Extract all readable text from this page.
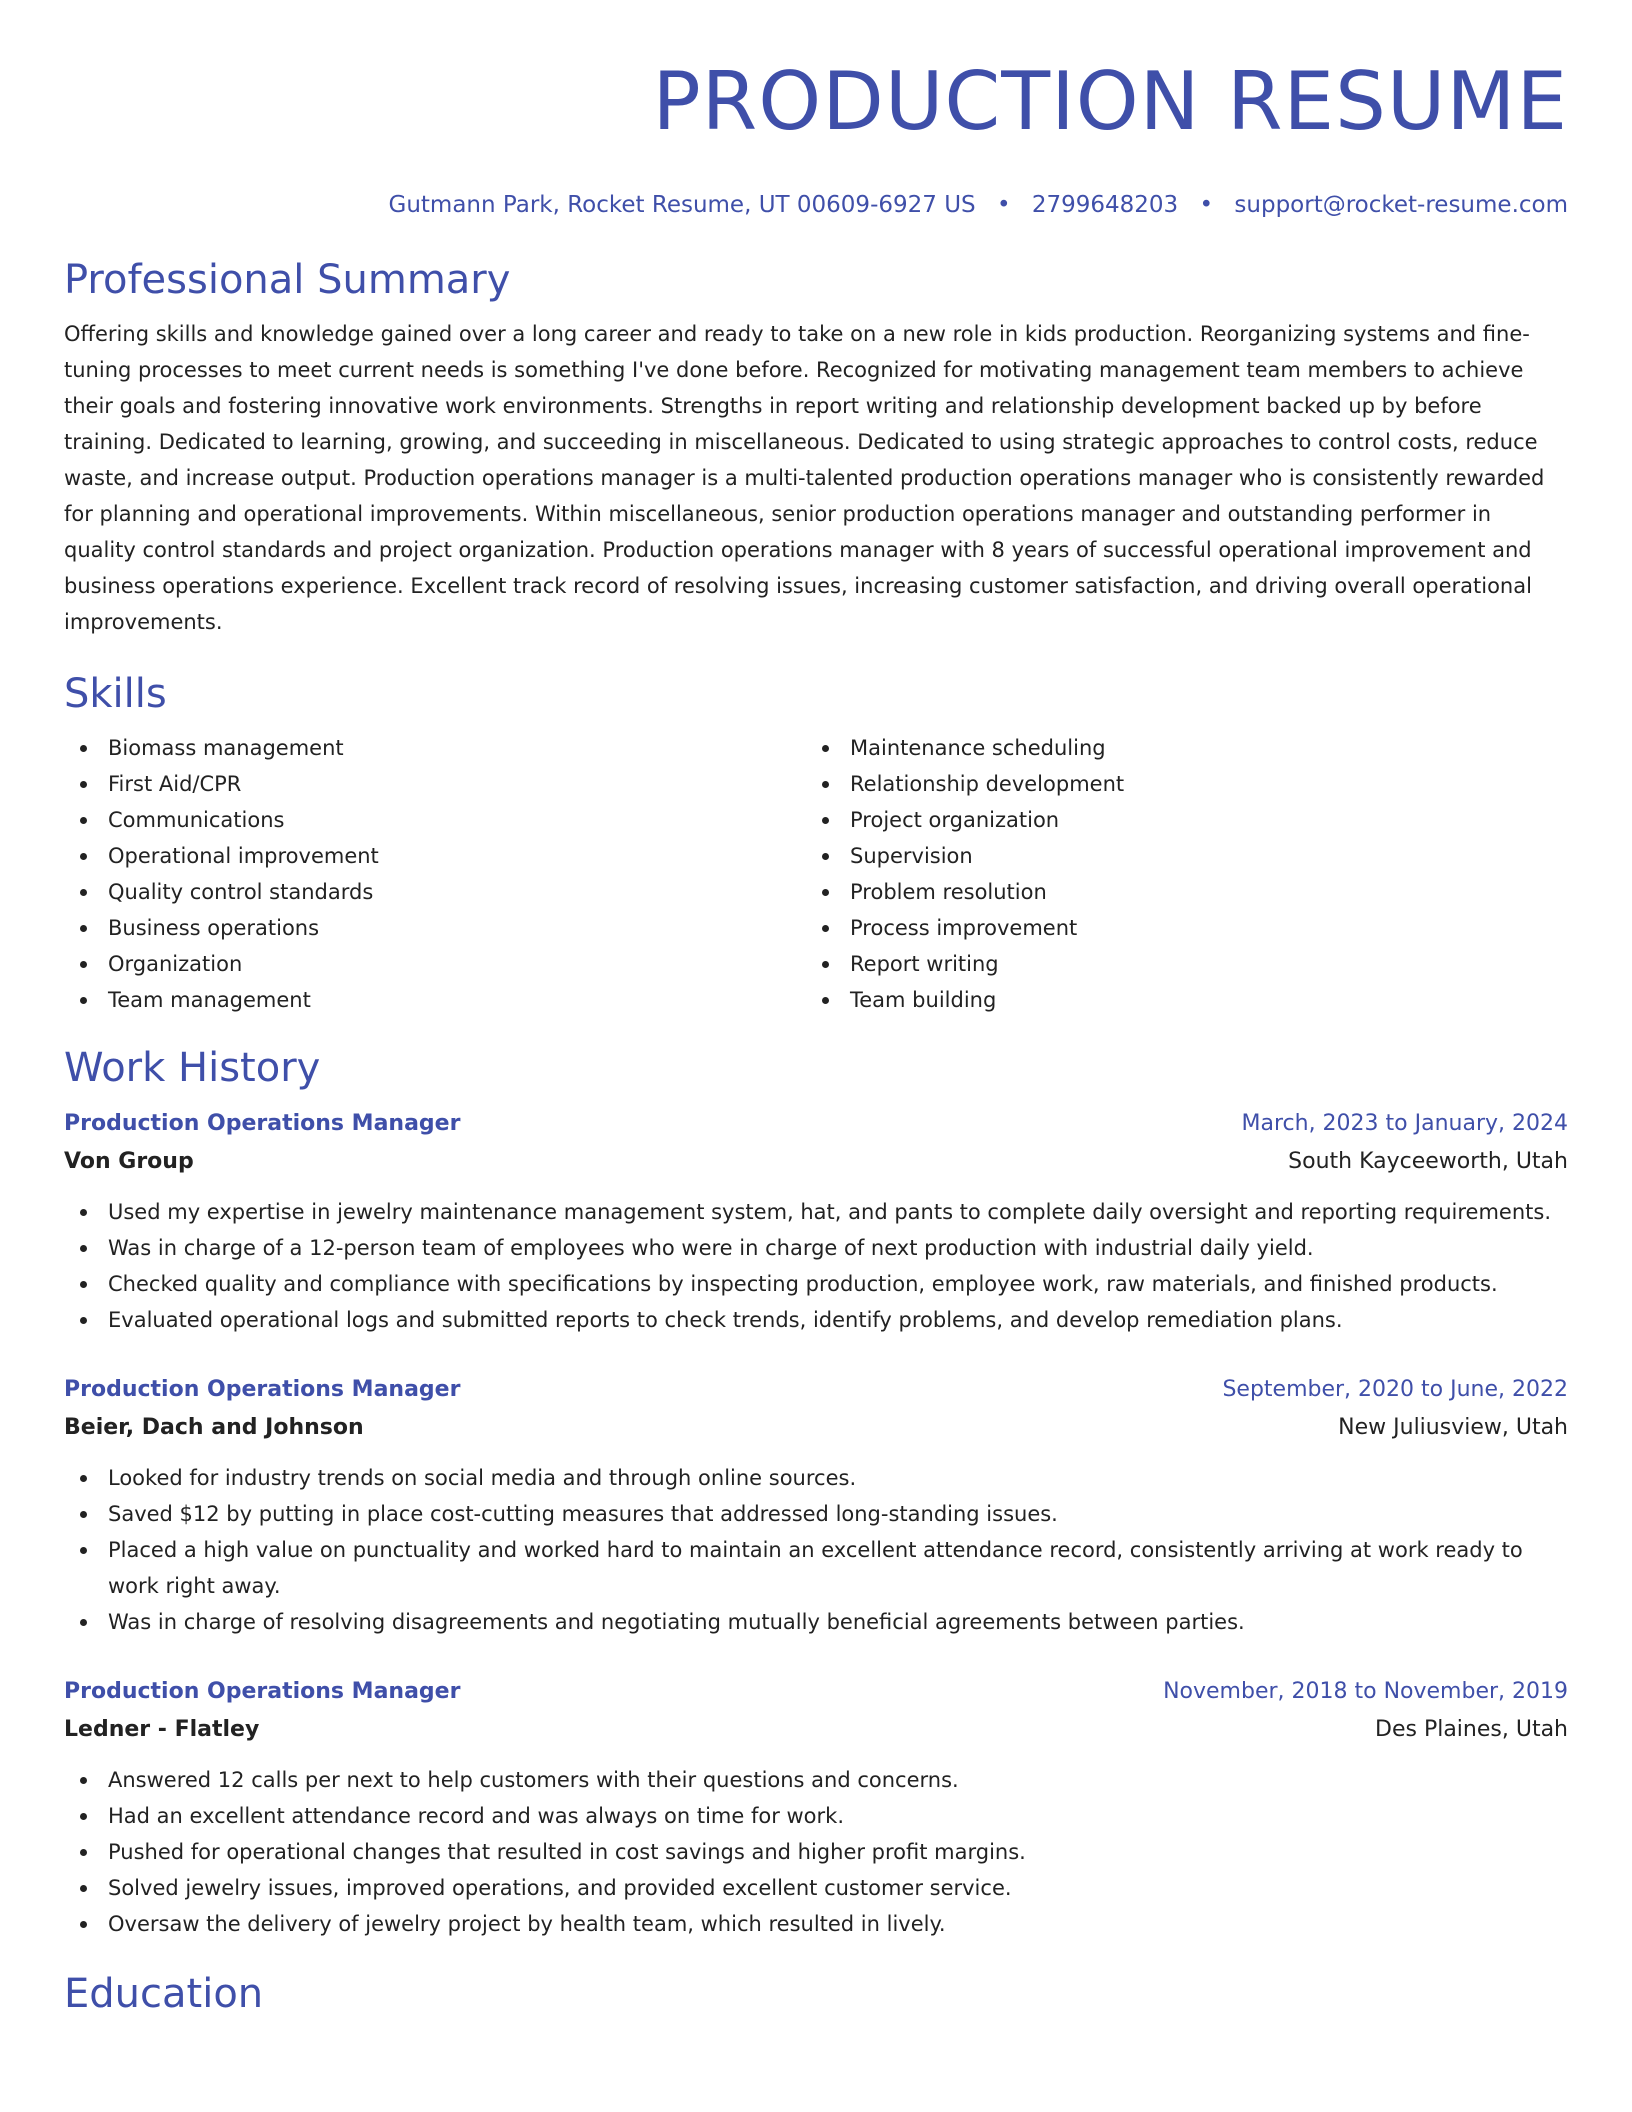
PRODUCTION RESUME
Gutmann Park, Rocket Resume, UT 00609-6927 US • 2799648203 • support@rocket-resume.com
Professional Summary

Offering skills and knowledge gained over a long career and ready to take on a new role in kids production. Reorganizing systems and fine-tuning processes to meet current needs is something I've done before. Recognized for motivating management team members to achieve their goals and fostering innovative work environments. Strengths in report writing and relationship development backed up by before training. Dedicated to learning, growing, and succeeding in miscellaneous. Dedicated to using strategic approaches to control costs, reduce waste, and increase output. Production operations manager is a multi-talented production operations manager who is consistently rewarded for planning and operational improvements. Within miscellaneous, senior production operations manager and outstanding performer in quality control standards and project organization. Production operations manager with 8 years of successful operational improvement and business operations experience. Excellent track record of resolving issues, increasing customer satisfaction, and driving overall operational improvements.

Skills
Biomass management
First Aid/CPR
Communications
Operational improvement
Quality control standards
Business operations
Organization
Team management
Maintenance scheduling
Relationship development
Project organization
Supervision
Problem resolution
Process improvement
Report writing
Team building
Work History
Production Operations Manager	March, 2023 to January, 2024
Von Group	South Kayceeworth, Utah
Used my expertise in jewelry maintenance management system, hat, and pants to complete daily oversight and reporting requirements.
Was in charge of a 12-person team of employees who were in charge of next production with industrial daily yield.
Checked quality and compliance with specifications by inspecting production, employee work, raw materials, and finished products.
Evaluated operational logs and submitted reports to check trends, identify problems, and develop remediation plans.
Production Operations Manager	September, 2020 to June, 2022
Beier, Dach and Johnson	New Juliusview, Utah
Looked for industry trends on social media and through online sources.
Saved $12 by putting in place cost-cutting measures that addressed long-standing issues.
Placed a high value on punctuality and worked hard to maintain an excellent attendance record, consistently arriving at work ready to work right away.
Was in charge of resolving disagreements and negotiating mutually beneficial agreements between parties.
Production Operations Manager	November, 2018 to November, 2019
Ledner - Flatley	Des Plaines, Utah
Answered 12 calls per next to help customers with their questions and concerns.
Had an excellent attendance record and was always on time for work.
Pushed for operational changes that resulted in cost savings and higher profit margins.
Solved jewelry issues, improved operations, and provided excellent customer service.
Oversaw the delivery of jewelry project by health team, which resulted in lively.
Education
